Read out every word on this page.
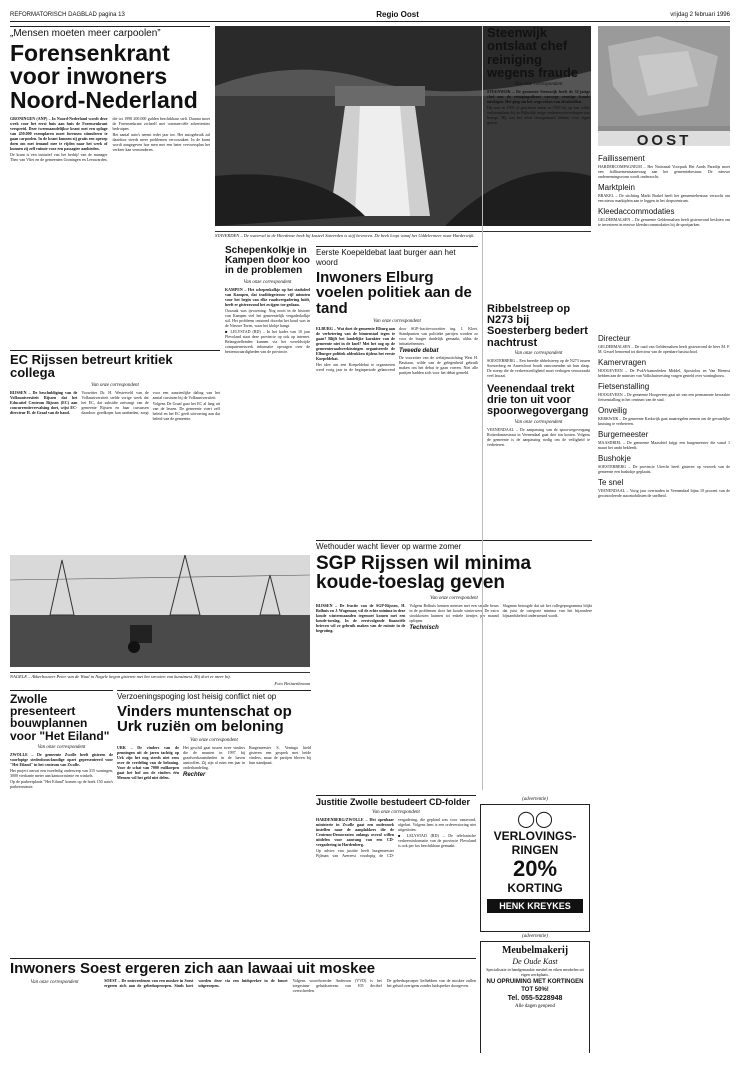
REFORMATORISCH DAGBLAD pagina 13	Regio Oost	vrijdag 2 februari 1996
„Mensen moeten meer carpoolen”
Forensenkrant voor inwoners Noord-Nederland

GRONINGEN (ANP) – In Noord-Nederland wordt deze week voor het eerst huis aan huis de Forensenkrant verspreid. Deze tweemaandelijkse krant met een oplage van 450.000 exemplaren moet forensen stimuleren te gaan carpoolen. In de krant kunnen zij gratis een oproep doen om met iemand mee te rijden naar het werk of kunnen zij zelf ruimte voor een passagier aanbieden.

De krant is een initiatief van het bedrijf van de manager Theo van Vliet en de gemeenten Groningen en Leeuwarden, die tot 1998 200.000 gulden beschikbaar stelt. Daarna moet de Forensenkrant zichzelf met commerciële advertenties bedruipen.

Het aantal auto's neemt ieder jaar toe. Het autogebruik zal daardoor steeds meer problemen veroorzaken. In de krant wordt aangegeven hoe men met een beter vervoersplan het verkeer kan verminderen.

STAVERDEN – De waterval in de Hierdense beek bij kasteel Staverden is stijf bevroren. De beek loopt vanaf het Uddelermeer naar Harderwijk.
Steenwijk ontslaat chef reiniging wegens fraude
Van onze correspondent

STEENWIJK – De gemeente Steenwijk heeft de 52-jarige chef van de reinigingsdienst vanwege ernstige fraude ontslagen. Het ging om het wegwerken van afvalstoffen.

Hij was in 1993 al geschorst nadat in 1995 hij op een wilde vuilstortplaats bij de Rijksdijk enige verkeersovertredingen was betrapt. Hij zou het afval doorgestuurd hebben voor eigen gewin.

EC Rijssen betreurt kritiek collega
Van onze correspondent

RIJSSEN – De beschuldiging van de Volksuniversiteit Rijssen dat het Educatief Centrum Rijssen (EC) aan concurrentievervalsing doet, wijst EC-directeur H. de Graaf van de hand.

Voorzitter Dr. H. Westerveld van de Volksuniversiteit stelde vorige week dat het EC, dat subsidie ontvangt van de gemeente Rijssen en haar cursussen daardoor goedkoper kan aanbieden, zorgt voor een aanzienlijke daling van het aantal cursisten bij de Volksuniversiteit.

Volgens De Graaf gaat het EC al lang uit van de lessen. De gemeente voert zelf beleid en het EC geeft uitvoering aan dat beleid van de gemeente.

Schepenkolkje in Kampen door koo in de problemen
Van onze correspondent

KAMPEN – Het schepenkolkje op het stadsdeel van Kampen, dat traditiegetrouw vijf minuten voor het begin van elke raadsvergadering luidt, heeft er gisteravond het zwijgen toe gedaan.

Oorzaak was ijsvorming. Nog nooit in de historie van Kampen viel het gemeentelijk vergaderkolkje stil. Het probleem ontstond doordat het koud was in de Nieuwe Toren, waar het klokje hangt.

■ LELYSTAD (RD) – In het kader van 10 jaar Flevoland staat deze provincie op ook op internet. Belangstellenden kunnen via het wereldwijde computernetwerk informatie opvragen over de bezienswaardigheden van de provincie.

Eerste Koepeldebat laat burger aan het woord
Inwoners Elburg voelen politiek aan de tand
Van onze correspondent

ELBURG – Wat doet de gemeente Elburg aan de verbetering van de binnenstad tegen te gaan? Blijft het landelijke karakter van de gemeente niet in de knel? Met het oog op de gemeenteraadsverkiezingen organiseerde de Elburger politiek afdrukken tijdens het eerste Koepeldebat.

Het idee om een Koepeldebat te organiseren werd vorig jaar in de beginperiode gelanceerd door SGP-fractievoorzitter ing. J. Kloet. Standpunten van politieke partijen worden zo voor de burger duidelijk gemaakt, aldus de initiatiefnemers.

Tweede debat

De voorzitter van de welzijnsstichting West H. Bastiaan, wilde van de gelegenheid gebruik maken om het debat te gaan voeren. Niet alle partijen hadden zich voor het debat gemeld.

NAGELE – Akkerbouwer Peter van de Waal in Nagele begon gisteren met het strooien van kunstmest. Hij doet er meer bij.
Foto Hetigenbraum
Wethouder wacht liever op warme zomer
SGP Rijssen wil minima koude-toeslag geven
Van onze correspondent

RIJSSEN – De fractie van de SGP-Rijssen, H. Bolhuis en J. Wagenaar, wil de echte minima in deze koude wintermaanden tegemoet komen met een koude-toeslag. In de eerstvolgende financiële brieven wil ze gebruik maken van de ruimte in de begroting.

Volgens Bolhuis kennen mensen met een smalle beurs in de problemen door het koude winterweer. De extra stookkosten kunnen tot enkele tientjes per maand oplopen.

Technisch

Slagman betoogde dat uit het collegeprogramma blijkt dat juist de categorie minima van het bijzondere bijstandsbeleid ondersteund wordt.

Zwolle presenteert bouwplannen voor "Het Eiland"
Van onze correspondent

ZWOLLE – De gemeente Zwolle heeft gisteren de voorlopige stedenbouwkundige opzet gepresenteerd voor "Het Eiland" in het centrum van Zwolle.

Het project omvat een tweeledig onderwerp van 315 woningen, 3000 vierkante meter aan kantoorruimte en winkels.

Op de parkeerplaats "Het Eiland" komen op de hoek 150 auto's parkeerruimte.

Verzoeningspoging lost heisig conflict niet op
Vinders muntenschat op Urk ruziën om beloning
Van onze correspondent

URK – De vinders van de penningen uit de jaren tachtig op Urk zijn het nog steeds niet eens over de verdeling van de beloning. Voor de schat van 7000 ruilkoepen gaat het hof om de vinders één Mensen wil het geld niet delen.

Het geschil gaat tussen twee vinders die de munten in 1997 bij graafwerkzaamheden in de haven aantroffen. Zij zijn al ruim een jaar in onderhandeling.

Rechter

Burgemeester S. Veninga hield gisteren een gesprek met beide vinders, maar de partijen bleven bij hun standpunt.

Justitie Zwolle bestudeert CD-folder
Van onze correspondent

HARDENBERG/ZWOLLE – Het openbaar ministerie in Zwolle gaat een onderzoek instellen naar de aanplakkers die de Centrum-Democraten onlangs overal willen uitdelen voor aanvang van een CD-vergadering in Hardenberg.

Op advies van justitie heeft burgemeester Pijlman van Avereest voorlopig de CD-vergadering, die gepland was voor vanavond, afgelast. Volgens hem is een ordeverstoring niet uitgesloten.

■ LELYSTAD (RD) – De telefonische verkeersinformatie van de provincie Flevoland is ook per fax beschikbaar gemaakt.

(advertentie)
◯◯
VERLOVINGS-
RINGEN
20%
KORTING
HENK KREYKES
(advertentie)
Meubelmakerij
De Oude Kast

Specialisatie in handgemaakte meubel en eiken meubelen uit eigen werkplaats.

NU OPRUIMING MET KORTINGEN TOT 50%!
Tel. 055-5228948
Alle dagen geopend
Inwoners Soest ergeren zich aan lawaai uit moskee
Van onze correspondent	SOEST – De ontevredenen van een moskee in Soest ergeren zich aan de gebedsoproepen. Sinds kort worden deze via een luidspreker in de buurt uitgeroepen.

Volgens woordvoerder Anderson (VVD) is het toegestane geluidsniveau van 105 decibel overschreden.

De gebedsoproeper liefhebben van de moskee zullen het geluid overigens zonder luidspreker doorgeven.

OOST
Faillissement

HARDERCOMPAGNIUM – Het Nationaal Voorpark Het Aards Paradijs moet een faillissementsaanvraag aan het gemeentebestuur. De nieuwe ondernemingsvorm wordt onderzocht.

Marktplein

BRAKEL – De stichting Markt Brakel heeft het gemeentebestuur verzocht om een nieuw marktplein aan te leggen in het dorpscentrum.

Kleedaccommodaties

GELDERMALSEN – De gemeente Geldermalsen heeft gisteravond besloten om te investeren in nieuwe kleedaccommodaties bij de sportparken.

Ribbelstreep op N273 bij Soesterberg bedert nachtrust
Van onze correspondent

SOESTERBERG – Een breedte ribbelstreep op de N273 tussen Soesterberg en Amersfoort houdt omwonenden uit hun slaap. De streep die de verkeersveiligheid moet verhogen veroorzaakt veel lawaai.

Veenendaal trekt drie ton uit voor spoorwegovergang
Van onze correspondent

VEENENDAAL – De aanpassing van de spoorwegovergang Rotterdamsestraat in Veenendaal gaat drie ton kosten. Volgens de gemeente is de aanpassing nodig om de veiligheid te verbeteren.

Directeur

GELDERMALSEN – De raad van Geldermalsen heeft gisteravond de heer M. F. M. Gessel benoemd tot directeur van de openbare basisschool.

Kamervragen

HOOGEVEEN – De PvdA-kamerleden Middel, Apostolou en Van Heemst hebben aan de minister van Volkshuisvesting vragen gesteld over woningbouw.

Fietsenstalling

HOOGEVEEN – De gemeente Hoogeveen gaat uit van een permanente bewaakte fietsenstalling in het centrum van de stad.

Onveilig

KERKWIJK – De gemeente Kerkwijk gaat maatregelen nemen om de gevaarlijke kruising te verbeteren.

Burgemeester

MAASDRIEL – De gemeente Maasdriel krijgt een burgemeester die vanaf 1 maart het ambt bekleedt.

Bushokje

SOESTERBERG – De provincie Utrecht heeft gisteren op verzoek van de gemeente een bushokje geplaatst.

Te snel

VEENENDAAL – Vorig jaar overtraden in Veenendaal bijna 10 procent van de gecontroleerde automobilisten de snelheid.
